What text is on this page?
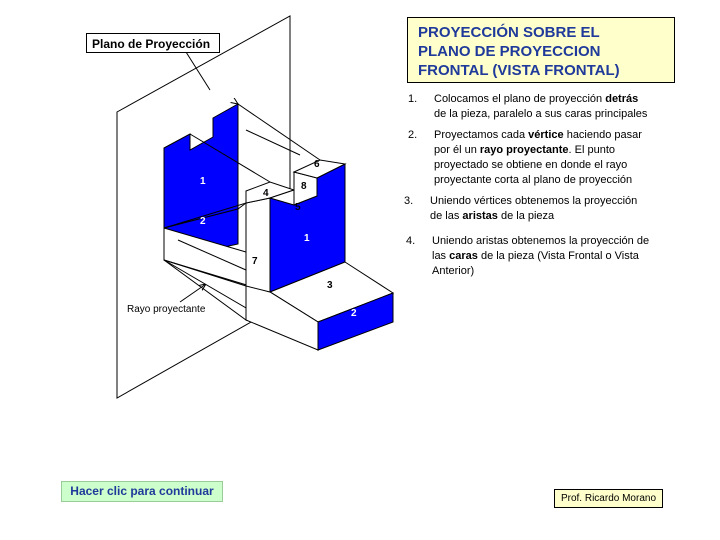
1
2
1
3
2
7
4
5
6
8
Plano de Proyección
Rayo proyectante
PROYECCIÓN SOBRE EL
PLANO DE PROYECCION
FRONTAL (VISTA FRONTAL)
1.	Colocamos el plano de proyección detrás
de la pieza, paralelo a sus caras principales
2.	Proyectamos cada vértice haciendo pasar
por él un rayo proyectante. El punto
proyectado se obtiene en donde el rayo
proyectante corta al plano de proyección
3.	Uniendo vértices obtenemos la proyección
de las aristas de la pieza
4.	Uniendo aristas obtenemos la proyección de
las caras de la pieza (Vista Frontal o Vista
Anterior)
Hacer clic para continuar
Prof. Ricardo Morano
